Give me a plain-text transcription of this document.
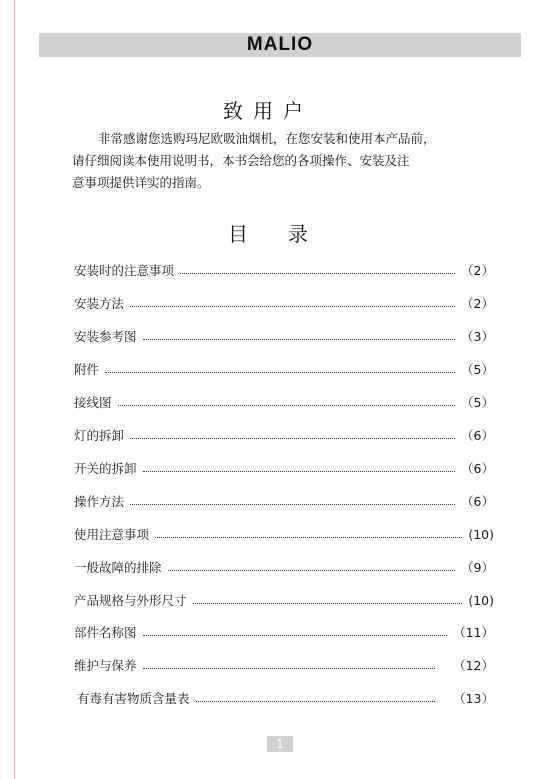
MALIO
致用户

非常感谢您选购玛尼欧吸油烟机，在您安装和使用本产品前，

请仔细阅读本使用说明书，本书会给您的各项操作、安装及注

意事项提供详实的指南。

目录
安装时的注意事项	（2）
安装方法	（2）
安装参考图	（3）
附件	（5）
接线图	（5）
灯的拆卸	（6）
开关的拆卸	（6）
操作方法	（6）
使用注意事项	(10)
一般故障的排除	（9）
产品规格与外形尺寸	(10)
部件名称图	（11）
维护与保养	（12）
有毒有害物质含量表	（13）
1
